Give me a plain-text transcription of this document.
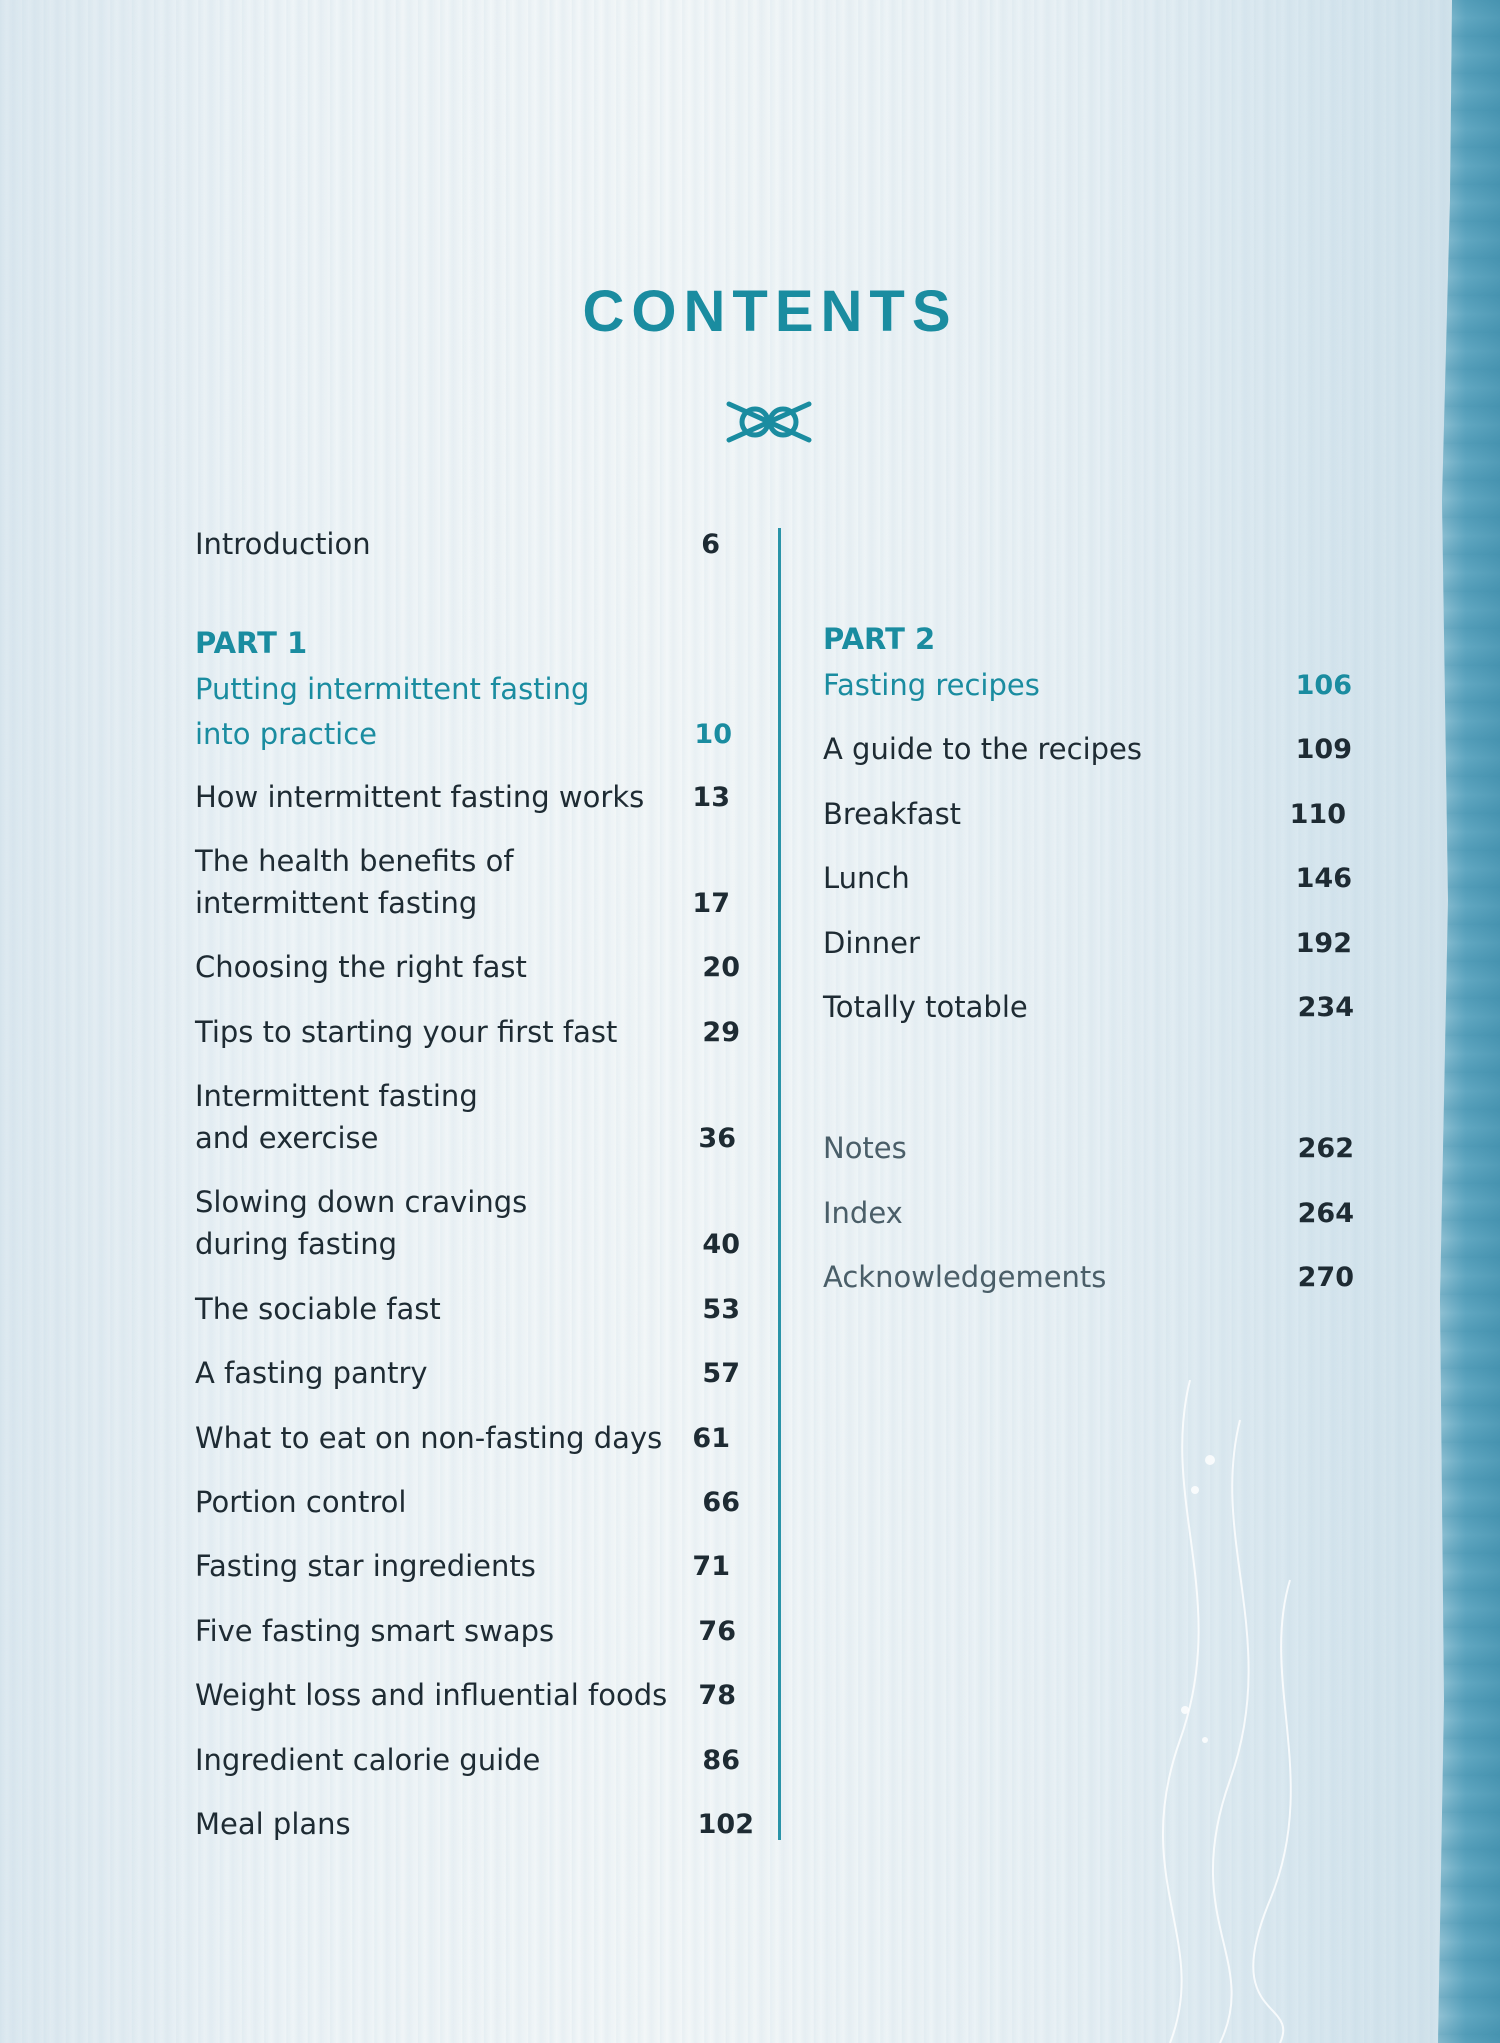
CONTENTS
Introduction	6
PART 1
Putting intermittent fasting
into practice	10
How intermittent fasting works	13
The health benefits of
intermittent fasting	17
Choosing the right fast	20
Tips to starting your first fast	29
Intermittent fasting
and exercise	36
Slowing down cravings
during fasting	40
The sociable fast	53
A fasting pantry	57
What to eat on non-fasting days	61
Portion control	66
Fasting star ingredients	71
Five fasting smart swaps	76
Weight loss and influential foods	78
Ingredient calorie guide	86
Meal plans	102
PART 2
Fasting recipes	106
A guide to the recipes	109
Breakfast	110
Lunch	146
Dinner	192
Totally totable	234
Notes	262
Index	264
Acknowledgements	270
